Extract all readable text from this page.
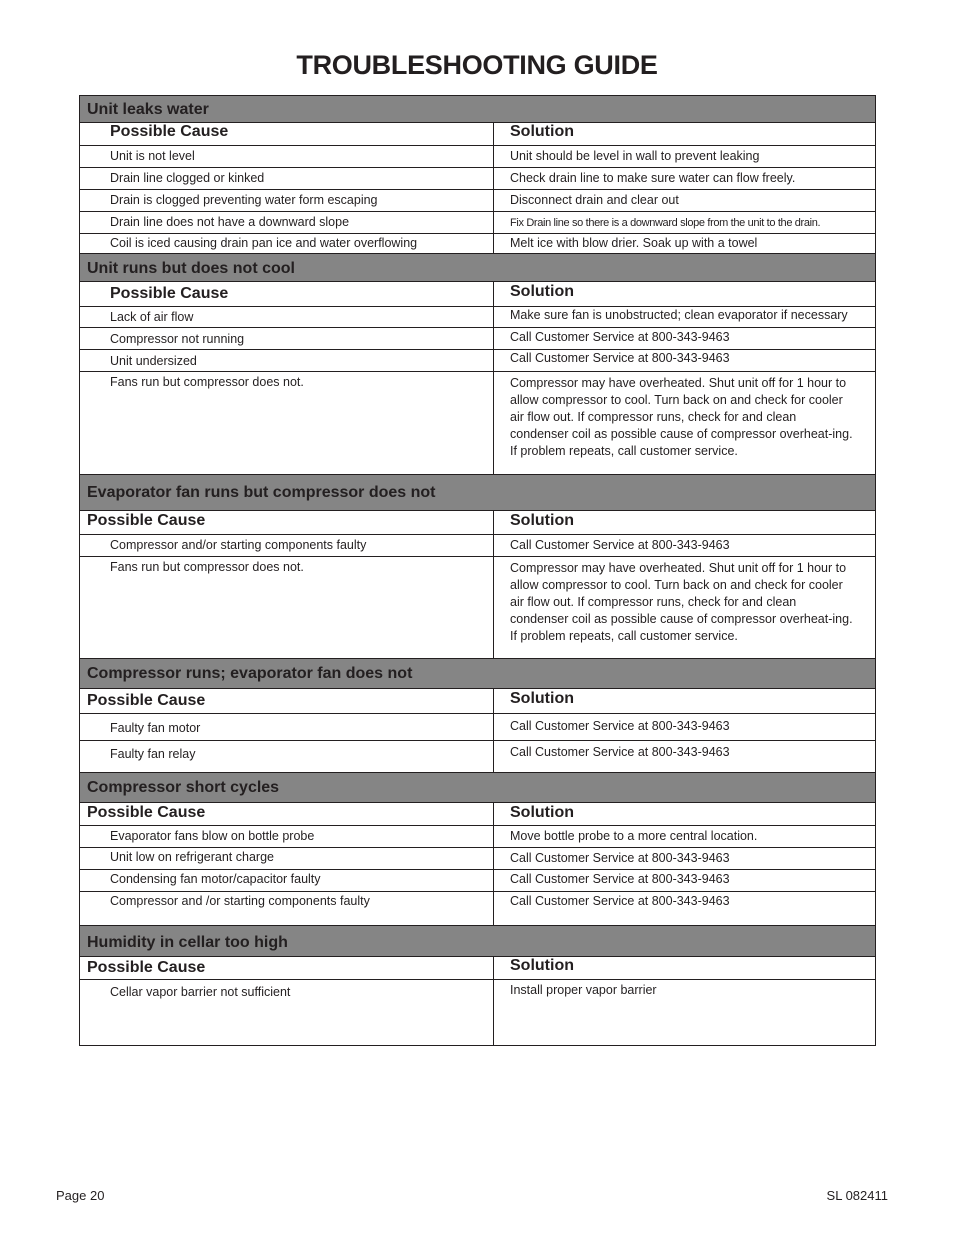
TROUBLESHOOTING GUIDE
Unit leaks water
Possible Cause	Solution
Unit is not level	Unit should be level in wall to prevent leaking
Drain line clogged or kinked	Check drain line to make sure water can flow freely.
Drain is clogged preventing water form escaping	Disconnect drain and clear out
Drain line does not have a downward slope	Fix Drain line so there is a downward slope from the unit to the drain.
Coil is iced causing drain pan ice and water overflowing	Melt ice with blow drier. Soak up with a towel
Unit runs but does not cool
Possible Cause	Solution
Lack of air flow	Make sure fan is unobstructed; clean evaporator if necessary
Compressor not running	Call Customer Service at 800-343-9463
Unit undersized	Call Customer Service at 800-343-9463
Fans run but compressor does not.	Compressor may have overheated. Shut unit off for 1 hour to allow compressor to cool. Turn back on and check for cooler air flow out. If compressor runs, check for and clean condenser coil as possible cause of compressor overheat-ing. If problem repeats, call customer service.
Evaporator fan runs but compressor does not
Possible Cause	Solution
Compressor and/or starting components faulty	Call Customer Service at 800-343-9463
Fans run but compressor does not.	Compressor may have overheated. Shut unit off for 1 hour to allow compressor to cool. Turn back on and check for cooler air flow out. If compressor runs, check for and clean condenser coil as possible cause of compressor overheat-ing. If problem repeats, call customer service.
Compressor runs; evaporator fan does not
Possible Cause	Solution
Faulty fan motor	Call Customer Service at 800-343-9463
Faulty fan relay	Call Customer Service at 800-343-9463
Compressor short cycles
Possible Cause	Solution
Evaporator fans blow on bottle probe	Move bottle probe to a more central location.
Unit low on refrigerant charge	Call Customer Service at 800-343-9463
Condensing fan motor/capacitor faulty	Call Customer Service at 800-343-9463
Compressor and /or starting components faulty	Call Customer Service at 800-343-9463
Humidity in cellar too high
Possible Cause	Solution
Cellar vapor barrier not sufficient	Install proper vapor barrier
Page 20	SL 082411
